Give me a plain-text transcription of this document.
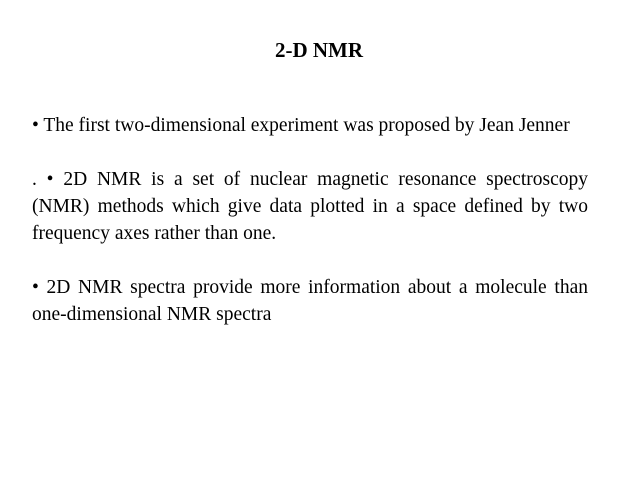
2-D NMR

• The first two-dimensional experiment was proposed by Jean Jenner

. • 2D NMR is a set of nuclear magnetic resonance spectroscopy (NMR) methods which give data plotted in a space defined by two frequency axes rather than one.

• 2D NMR spectra provide more information about a molecule than one-dimensional NMR spectra
